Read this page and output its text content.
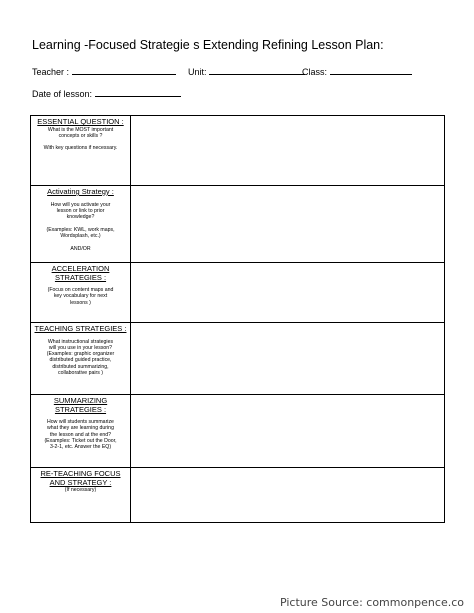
Learning -Focused Strategie s Extending Refining Lesson Plan:
Teacher :	Unit:	Class:
Date of lesson:
ESSENTIAL QUESTION :
What is the MOST important
concepts or skills ?

With key questions if necessary.
Activating Strategy :
How will you activate your
lesson or link to prior
knowledge?

(Examples: KWL, work maps,
Wordsplash, etc.)

AND/OR
ACCELERATION STRATEGIES :
(Focus on content maps and
key vocabulary for next
lessons )
TEACHING STRATEGIES :
What instructional strategies
will you use in your lesson?
(Examples: graphic organizer
distributed guided practice,
distributed summarizing,
collaborative pairs )
SUMMARIZING STRATEGIES :
How will students summarize
what they are learning during
the lesson and at the end?
(Examples: Ticket out the Door,
3-2-1, etc. Answer the EQ)
RE-TEACHING FOCUS AND STRATEGY :
(If necessary)
Picture Source: commonpence.co
